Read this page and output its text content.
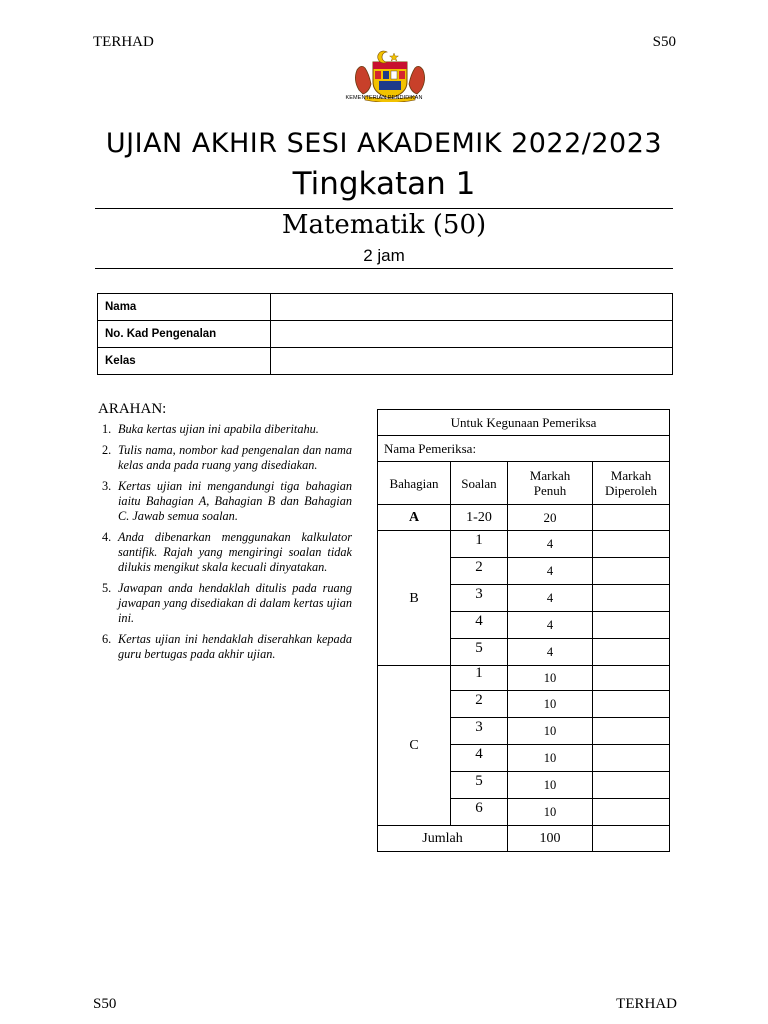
TERHAD	S50
KEMENTERIAN PENDIDIKAN
UJIAN AKHIR SESI AKADEMIK 2022/2023
Tingkatan 1
Matematik (50)
2 jam
Nama	
No. Kad Pengenalan	
Kelas	
ARAHAN:
1. Buka kertas ujian ini apabila diberitahu.
2. Tulis nama, nombor kad pengenalan dan nama kelas anda pada ruang yang disediakan.
3. Kertas ujian ini mengandungi tiga bahagian iaitu Bahagian A, Bahagian B dan Bahagian C. Jawab semua soalan.
4. Anda dibenarkan menggunakan kalkulator santifik. Rajah yang mengiringi soalan tidak dilukis mengikut skala kecuali dinyatakan.
5. Jawapan anda hendaklah ditulis pada ruang jawapan yang disediakan di dalam kertas ujian ini.
6. Kertas ujian ini hendaklah diserahkan kepada guru bertugas pada akhir ujian.
Untuk Kegunaan Pemeriksa			
Nama Pemeriksa:			
Bahagian	Soalan	Markah Penuh	Markah Diperoleh
A	1-20	20	
B	1	4	
	2	4	
	3	4	
	4	4	
	5	4	
C	1	10	
	2	10	
	3	10	
	4	10	
	5	10	
	6	10	
Jumlah		100	
S50	TERHAD
